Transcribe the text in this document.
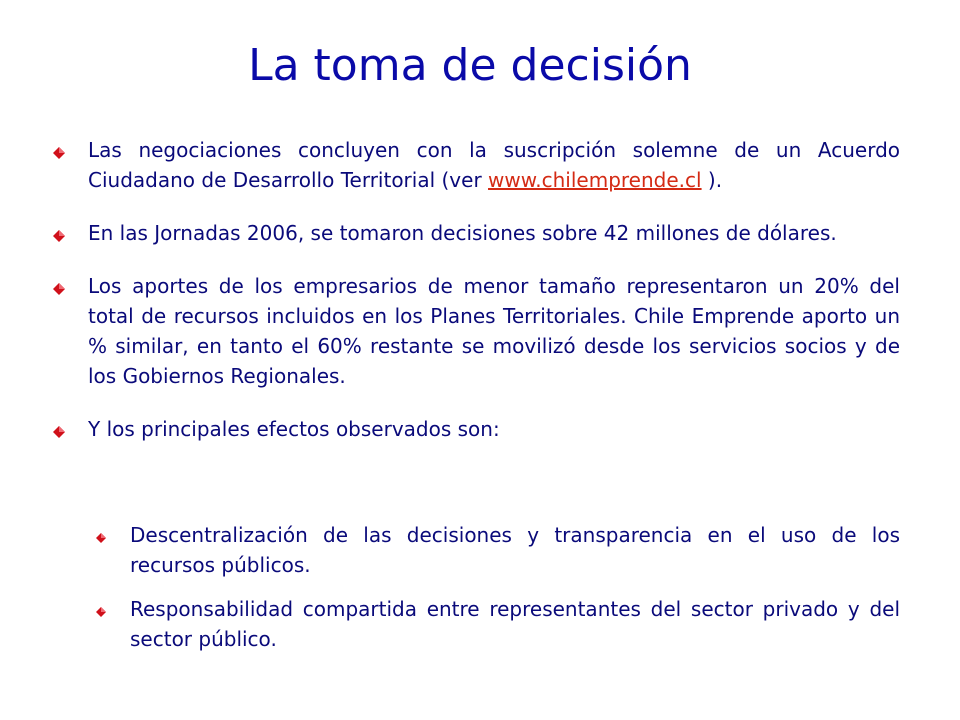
La toma de decisión
Las negociaciones concluyen con la suscripción solemne de un Acuerdo Ciudadano de Desarrollo Territorial (ver www.chilemprende.cl ).
En las Jornadas 2006, se tomaron decisiones sobre 42 millones de dólares.
Los aportes de los empresarios de menor tamaño representaron un 20% del total de recursos incluidos en los Planes Territoriales. Chile Emprende aporto un % similar, en tanto el 60% restante se movilizó desde los servicios socios y de los Gobiernos Regionales.
Y los principales efectos observados son:
Descentralización de las decisiones y transparencia en el uso de los recursos públicos.
Responsabilidad compartida entre representantes del sector privado y del sector público.
